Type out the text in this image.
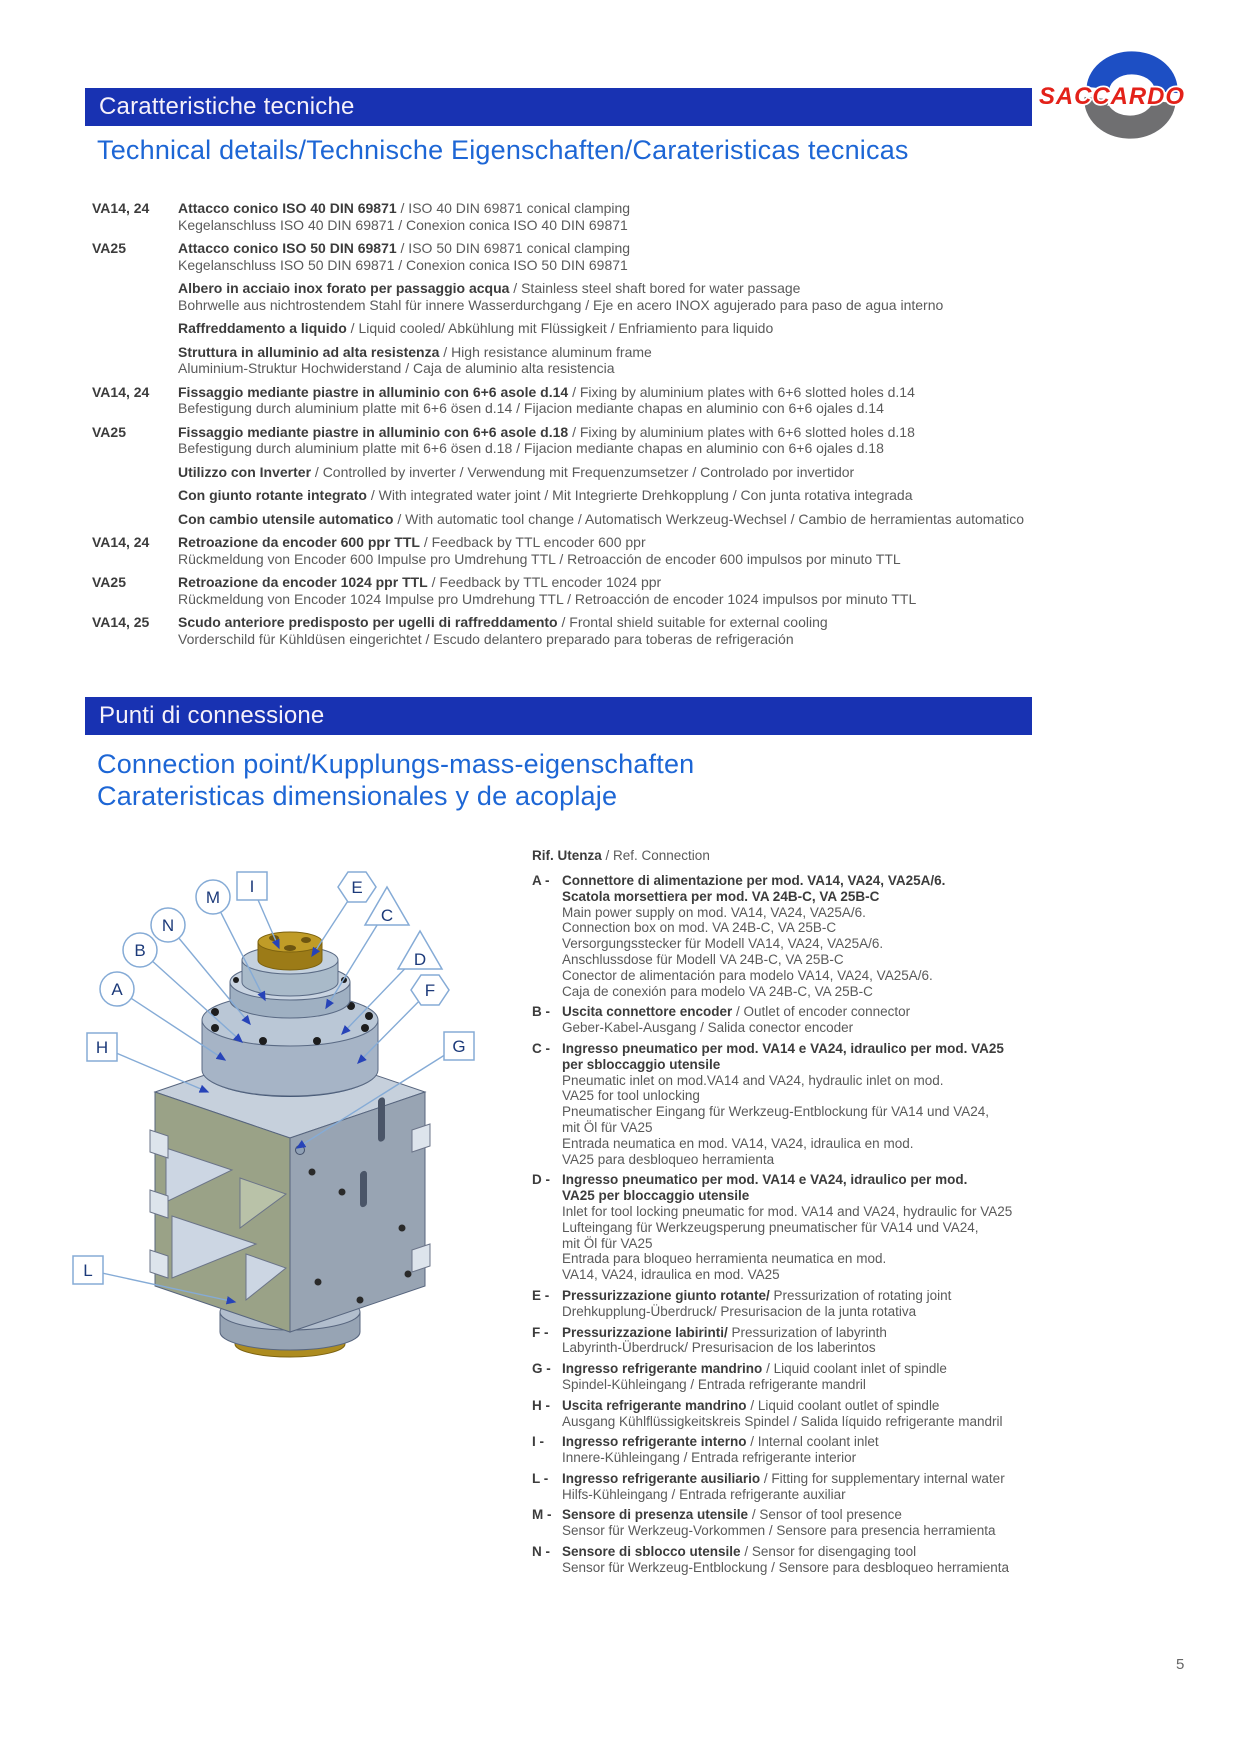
SACCARDO
Caratteristiche tecniche
Technical details/Technische Eigenschaften/Carateristicas tecnicas
VA14, 24	Attacco conico ISO 40 DIN 69871 / ISO 40 DIN 69871 conical clamping
Kegelanschluss ISO 40 DIN 69871 / Conexion conica ISO 40 DIN 69871
VA25	Attacco conico ISO 50 DIN 69871 / ISO 50 DIN 69871 conical clamping
Kegelanschluss ISO 50 DIN 69871 / Conexion conica ISO 50 DIN 69871
Albero in acciaio inox forato per passaggio acqua / Stainless steel shaft bored for water passage
Bohrwelle aus nichtrostendem Stahl für innere Wasserdurchgang / Eje en acero INOX agujerado para paso de agua interno
Raffreddamento a liquido / Liquid cooled/ Abkühlung mit Flüssigkeit / Enfriamiento para liquido
Struttura in alluminio ad alta resistenza / High resistance aluminum frame
Aluminium-Struktur Hochwiderstand / Caja de aluminio alta resistencia
VA14, 24	Fissaggio mediante piastre in alluminio con 6+6 asole d.14 / Fixing by aluminium plates with 6+6 slotted holes d.14
Befestigung durch aluminium platte mit 6+6 ösen d.14 / Fijacion mediante chapas en aluminio con 6+6 ojales d.14
VA25	Fissaggio mediante piastre in alluminio con 6+6 asole d.18 / Fixing by aluminium plates with 6+6 slotted holes d.18
Befestigung durch aluminium platte mit 6+6 ösen d.18 / Fijacion mediante chapas en aluminio con 6+6 ojales d.18
Utilizzo con Inverter / Controlled by inverter / Verwendung mit Frequenzumsetzer / Controlado por invertidor
Con giunto rotante integrato / With integrated water joint / Mit Integrierte Drehkopplung / Con junta rotativa integrada
Con cambio utensile automatico / With automatic tool change / Automatisch Werkzeug-Wechsel / Cambio de herramientas automatico
VA14, 24	Retroazione da encoder 600 ppr TTL / Feedback by TTL encoder 600 ppr
Rückmeldung von Encoder 600 Impulse pro Umdrehung TTL / Retroacción de encoder 600 impulsos por minuto TTL
VA25	Retroazione da encoder 1024 ppr TTL / Feedback by TTL encoder 1024 ppr
Rückmeldung von Encoder 1024 Impulse pro Umdrehung TTL / Retroacción de encoder 1024 impulsos por minuto TTL
VA14, 25	Scudo anteriore predisposto per ugelli di raffreddamento / Frontal shield suitable for external cooling
Vorderschild für Kühldüsen eingerichtet / Escudo delantero preparado para toberas de refrigeración
Punti di connessione
Connection point/Kupplungs-mass-eigenschaften
Carateristicas dimensionales y de acoplaje
M
I	E
C
N
B	D
A	F
H	G
L
Rif. Utenza / Ref. Connection
A - Connettore di alimentazione per mod. VA14, VA24, VA25A/6.
Scatola morsettiera per mod. VA 24B-C, VA 25B-C
Main power supply on mod. VA14, VA24, VA25A/6.
Connection box on mod. VA 24B-C, VA 25B-C
Versorgungsstecker für Modell VA14, VA24, VA25A/6.
Anschlussdose für Modell VA 24B-C, VA 25B-C
Conector de alimentación para modelo VA14, VA24, VA25A/6.
Caja de conexión para modelo VA 24B-C, VA 25B-C
B - Uscita connettore encoder / Outlet of encoder connector
Geber-Kabel-Ausgang / Salida conector encoder
C - Ingresso pneumatico per mod. VA14 e VA24, idraulico per mod. VA25
per sbloccaggio utensile
Pneumatic inlet on mod.VA14 and VA24, hydraulic inlet on mod.
VA25 for tool unlocking
Pneumatischer Eingang für Werkzeug-Entblockung für VA14 und VA24,
mit Öl für VA25
Entrada neumatica en mod. VA14, VA24, idraulica en mod.
VA25 para desbloqueo herramienta
D - Ingresso pneumatico per mod. VA14 e VA24, idraulico per mod.
VA25 per bloccaggio utensile
Inlet for tool locking pneumatic for mod. VA14 and VA24, hydraulic for VA25
Lufteingang für Werkzeugsperung pneumatischer für VA14 und VA24,
mit Öl für VA25
Entrada para bloqueo herramienta neumatica en mod.
VA14, VA24, idraulica en mod. VA25
E - Pressurizzazione giunto rotante/ Pressurization of rotating joint
Drehkupplung-Überdruck/ Presurisacion de la junta rotativa
F -	Pressurizzazione labirinti/ Pressurization of labyrinth
Labyrinth-Überdruck/ Presurisacion de los laberintos
G - Ingresso refrigerante mandrino / Liquid coolant inlet of spindle
Spindel-Kühleingang / Entrada refrigerante mandril
H - Uscita refrigerante mandrino / Liquid coolant outlet of spindle
Ausgang Kühlflüssigkeitskreis Spindel / Salida líquido refrigerante mandril
I -	Ingresso refrigerante interno / Internal coolant inlet
Innere-Kühleingang / Entrada refrigerante interior
L -	Ingresso refrigerante ausiliario / Fitting for supplementary internal water
Hilfs-Kühleingang / Entrada refrigerante auxiliar
M - Sensore di presenza utensile / Sensor of tool presence
Sensor für Werkzeug-Vorkommen / Sensore para presencia herramienta
N - Sensore di sblocco utensile / Sensor for disengaging tool
Sensor für Werkzeug-Entblockung / Sensore para desbloqueo herramienta
5
